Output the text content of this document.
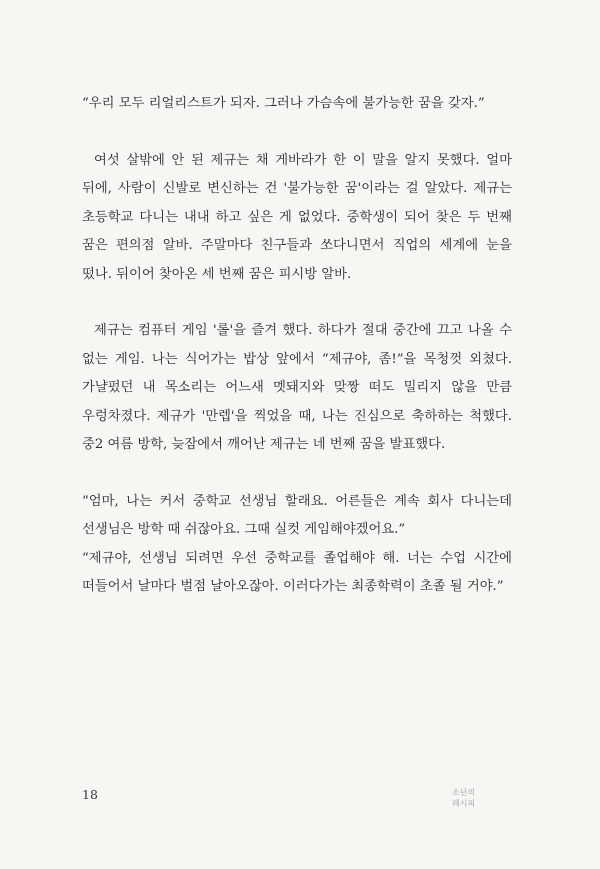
“우리 모두 리얼리스트가 되자. 그러나 가슴속에 불가능한 꿈을 갖자.”

여섯 살밖에 안 된 제규는 채 게바라가 한 이 말을 알지 못했다. 얼마 뒤에, 사람이 신발로 변신하는 건 '불가능한 꿈'이라는 걸 알았다. 제규는 초등학교 다니는 내내 하고 싶은 게 없었다. 중학생이 되어 찾은 두 번째 꿈은 편의점 알바. 주말마다 친구들과 쏘다니면서 직업의 세계에 눈을 떴나. 뒤이어 찾아온 세 번째 꿈은 피시방 알바.

제규는 컴퓨터 게임 '롤'을 즐겨 했다. 하다가 절대 중간에 끄고 나올 수 없는 게임. 나는 식어가는 밥상 앞에서 “제규야, 좀!”을 목청껏 외쳤다. 가냘펐던 내 목소리는 어느새 멧돼지와 맞짱 떠도 밀리지 않을 만큼 우렁차졌다. 제규가 '만렙'을 찍었을 때, 나는 진심으로 축하하는 척했다. 중2 여름 방학, 늦잠에서 깨어난 제규는 네 번째 꿈을 발표했다.

“엄마, 나는 커서 중학교 선생님 할래요. 어른들은 계속 회사 다니는데 선생님은 방학 때 쉬잖아요. 그때 실컷 게임해야겠어요.”

“제규야, 선생님 되려면 우선 중학교를 졸업해야 해. 너는 수업 시간에 떠들어서 날마다 벌점 날아오잖아. 이러다가는 최종학력이 초졸 될 거야.”

18	소년의
레시피
